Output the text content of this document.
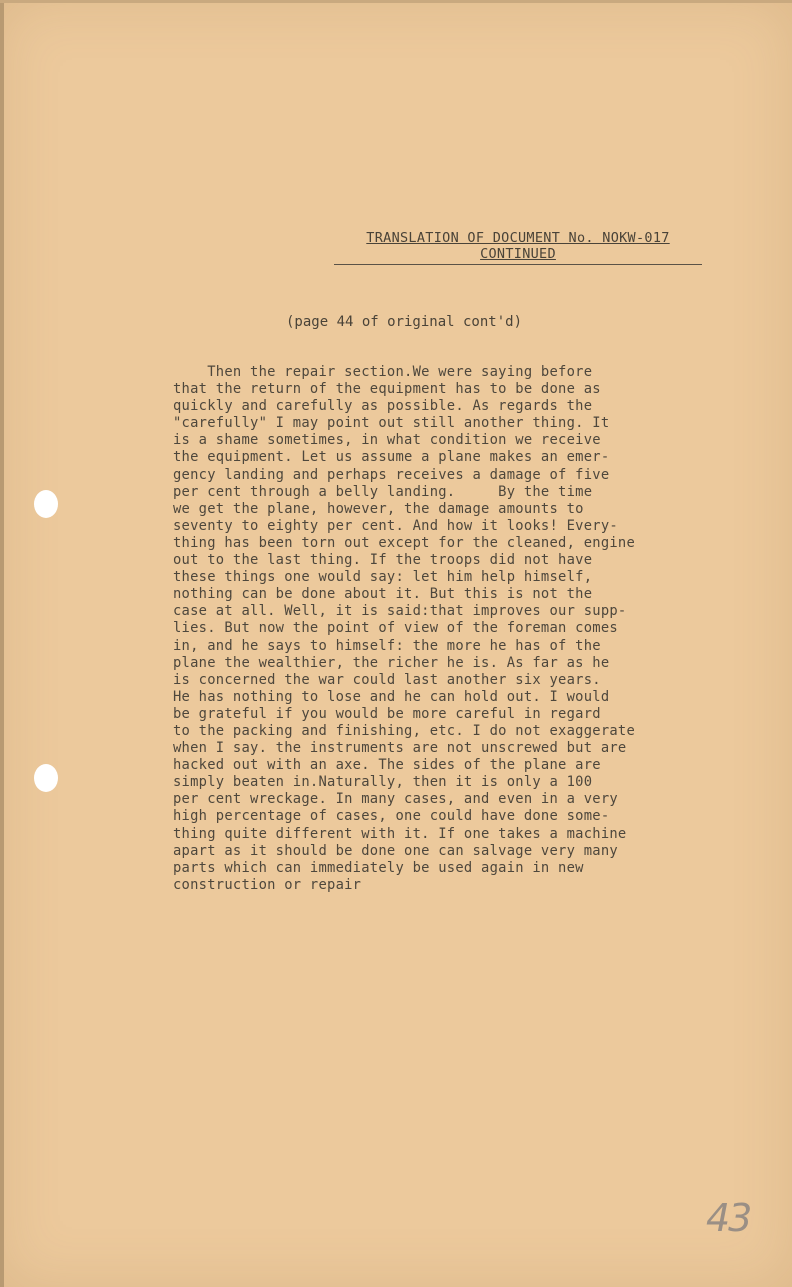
TRANSLATION OF DOCUMENT No. NOKW-017
CONTINUED
(page 44 of original cont'd)
Then the repair section.We were saying before
that the return of the equipment has to be done as
quickly and carefully as possible. As regards the
"carefully" I may point out still another thing. It
is a shame sometimes, in what condition we receive
the equipment. Let us assume a plane makes an emer-
gency landing and perhaps receives a damage of five
per cent through a belly landing.     By the time
we get the plane, however, the damage amounts to
seventy to eighty per cent. And how it looks! Every-
thing has been torn out except for the cleaned, engine
out to the last thing. If the troops did not have
these things one would say: let him help himself,
nothing can be done about it. But this is not the
case at all. Well, it is said:that improves our supp-
lies. But now the point of view of the foreman comes
in, and he says to himself: the more he has of the
plane the wealthier, the richer he is. As far as he
is concerned the war could last another six years.
He has nothing to lose and he can hold out. I would
be grateful if you would be more careful in regard
to the packing and finishing, etc. I do not exaggerate
when I say. the instruments are not unscrewed but are
hacked out with an axe. The sides of the plane are
simply beaten in.Naturally, then it is only a 100
per cent wreckage. In many cases, and even in a very
high percentage of cases, one could have done some-
thing quite different with it. If one takes a machine
apart as it should be done one can salvage very many
parts which can immediately be used again in new
construction or repair
43
